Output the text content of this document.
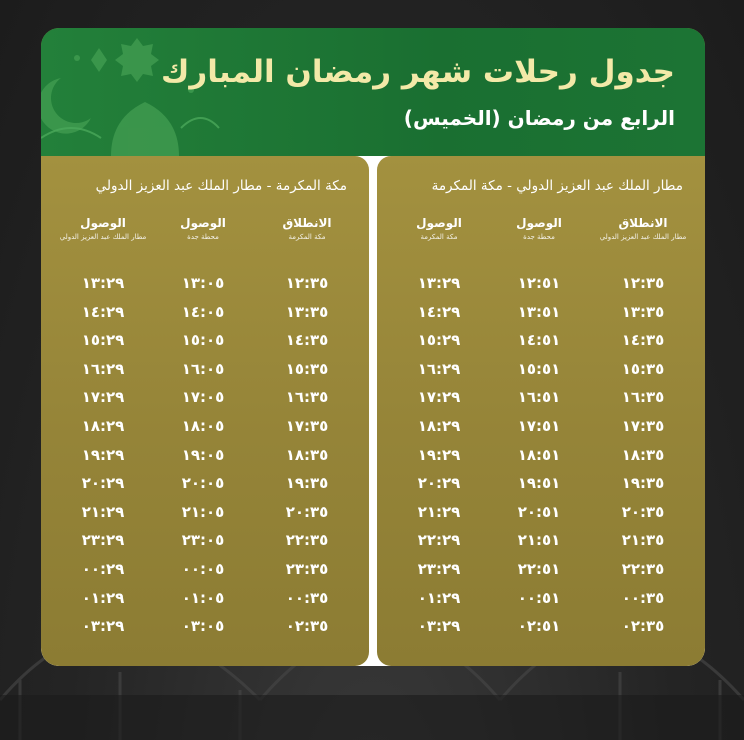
جدول رحلات شهر رمضان المبارك
الرابع من رمضان (الخميس)
مطار الملك عبد العزيز الدولي - مكة المكرمة
الانطلاق
مطار الملك عبد العزيز الدولي
الوصول
محطة جدة
الوصول
مكة المكرمة
١٢:٣٥
١٢:٥١
١٣:٢٩
١٣:٣٥
١٣:٥١
١٤:٢٩
١٤:٣٥
١٤:٥١
١٥:٢٩
١٥:٣٥
١٥:٥١
١٦:٢٩
١٦:٣٥
١٦:٥١
١٧:٢٩
١٧:٣٥
١٧:٥١
١٨:٢٩
١٨:٣٥
١٨:٥١
١٩:٢٩
١٩:٣٥
١٩:٥١
٢٠:٢٩
٢٠:٣٥
٢٠:٥١
٢١:٢٩
٢١:٣٥
٢١:٥١
٢٢:٢٩
٢٢:٣٥
٢٢:٥١
٢٣:٢٩
٠٠:٣٥
٠٠:٥١
٠١:٢٩
٠٢:٣٥
٠٢:٥١
٠٣:٢٩
مكة المكرمة - مطار الملك عبد العزيز الدولي
الانطلاق
مكة المكرمة
الوصول
محطة جدة
الوصول
مطار الملك عبد العزيز الدولي
١٢:٣٥
١٣:٠٥
١٣:٢٩
١٣:٣٥
١٤:٠٥
١٤:٢٩
١٤:٣٥
١٥:٠٥
١٥:٢٩
١٥:٣٥
١٦:٠٥
١٦:٢٩
١٦:٣٥
١٧:٠٥
١٧:٢٩
١٧:٣٥
١٨:٠٥
١٨:٢٩
١٨:٣٥
١٩:٠٥
١٩:٢٩
١٩:٣٥
٢٠:٠٥
٢٠:٢٩
٢٠:٣٥
٢١:٠٥
٢١:٢٩
٢٢:٣٥
٢٣:٠٥
٢٣:٢٩
٢٣:٣٥
٠٠:٠٥
٠٠:٢٩
٠٠:٣٥
٠١:٠٥
٠١:٢٩
٠٢:٣٥
٠٣:٠٥
٠٣:٢٩
